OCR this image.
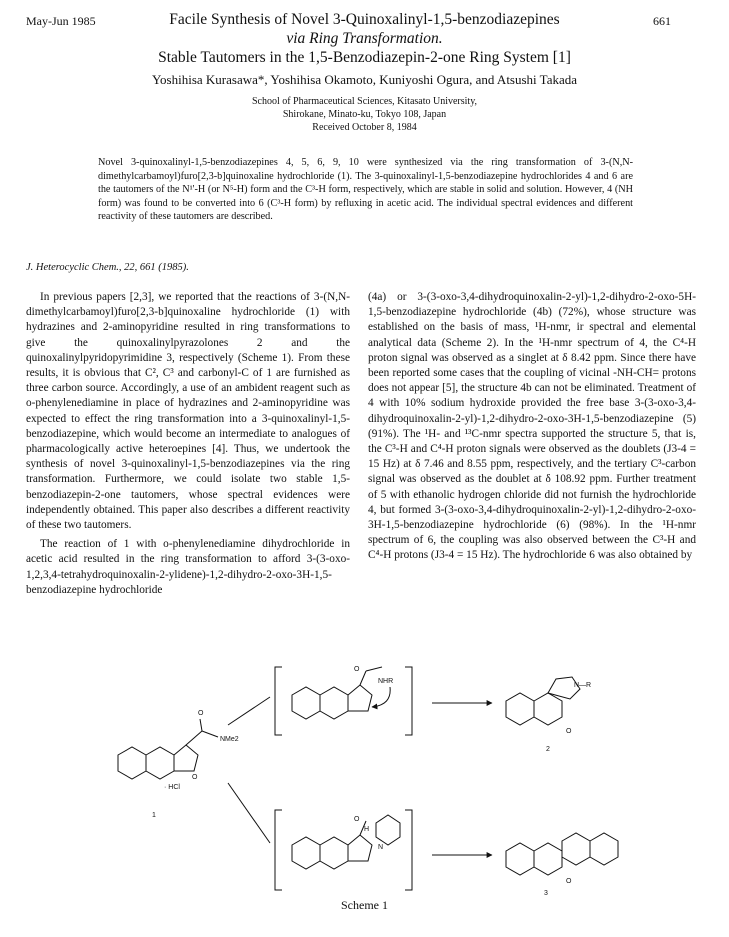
May-Jun 1985	661
Facile Synthesis of Novel 3-Quinoxalinyl-1,5-benzodiazepines
via Ring Transformation.
Stable Tautomers in the 1,5-Benzodiazepin-2-one Ring System [1]
Yoshihisa Kurasawa*, Yoshihisa Okamoto, Kuniyoshi Ogura, and Atsushi Takada
School of Pharmaceutical Sciences, Kitasato University,
Shirokane, Minato-ku, Tokyo 108, Japan
Received October 8, 1984
Novel 3-quinoxalinyl-1,5-benzodiazepines 4, 5, 6, 9, 10 were synthesized via the ring transformation of 3-(N,N-dimethylcarbamoyl)furo[2,3-b]quinoxaline hydrochloride (1). The 3-quinoxalinyl-1,5-benzodiazepine hydrochlorides 4 and 6 are the tautomers of the N¹'-H (or N⁵-H) form and the C³-H form, respectively, which are stable in solid and solution. However, 4 (NH form) was found to be converted into 6 (C³-H form) by refluxing in acetic acid. The individual spectral evidences and different reactivity of these tautomers are described.
J. Heterocyclic Chem., 22, 661 (1985).

In previous papers [2,3], we reported that the reactions of 3-(N,N-dimethylcarbamoyl)furo[2,3-b]quinoxaline hydrochloride (1) with hydrazines and 2-aminopyridine resulted in ring transformations to give the quinoxalinylpyrazolones 2 and the quinoxalinylpyridopyrimidine 3, respectively (Scheme 1). From these results, it is obvious that C², C³ and carbonyl-C of 1 are furnished as three carbon source. Accordingly, a use of an ambident reagent such as o-phenylenediamine in place of hydrazines and 2-aminopyridine was expected to effect the ring transformation into a 3-quinoxalinyl-1,5-benzodiazepine, which would become an intermediate to analogues of pharmacologically active heteroepines [4]. Thus, we undertook the synthesis of novel 3-quinoxalinyl-1,5-benzodiazepines via the ring transformation. Furthermore, we could isolate two stable 1,5-benzodiazepin-2-one tautomers, whose spectral evidences were independently obtained. This paper also describes a different reactivity of these two tautomers.

The reaction of 1 with o-phenylenediamine dihydrochloride in acetic acid resulted in the ring transformation to afford 3-(3-oxo-1,2,3,4-tetrahydroquinoxalin-2-ylidene)-1,2-dihydro-2-oxo-3H-1,5-benzodiazepine hydrochloride

(4a) or 3-(3-oxo-3,4-dihydroquinoxalin-2-yl)-1,2-dihydro-2-oxo-5H-1,5-benzodiazepine hydrochloride (4b) (72%), whose structure was established on the basis of mass, ¹H-nmr, ir spectral and elemental analytical data (Scheme 2). In the ¹H-nmr spectrum of 4, the C⁴-H proton signal was observed as a singlet at δ 8.42 ppm. Since there have been reported some cases that the coupling of vicinal -NH-CH= protons does not appear [5], the structure 4b can not be eliminated. Treatment of 4 with 10% sodium hydroxide provided the free base 3-(3-oxo-3,4-dihydroquinoxalin-2-yl)-1,2-dihydro-2-oxo-3H-1,5-benzodiazepine (5) (91%). The ¹H- and ¹³C-nmr spectra supported the structure 5, that is, the C³-H and C⁴-H proton signals were observed as the doublets (J3-4 = 15 Hz) at δ 7.46 and 8.55 ppm, respectively, and the tertiary C³-carbon signal was observed as the doublet at δ 108.92 ppm. Further treatment of 5 with ethanolic hydrogen chloride did not furnish the hydrochloride 4, but formed 3-(3-oxo-3,4-dihydroquinoxalin-2-yl)-1,2-dihydro-2-oxo-3H-1,5-benzodiazepine hydrochloride (6) (98%). In the ¹H-nmr spectrum of 6, the coupling was also observed between the C³-H and C⁴-H protons (J3-4 = 15 Hz). The hydrochloride 6 was also obtained by

O
NMe2
O
· HCl
1
O
NHR
N—R
O
2
O
H
N
O
3
Scheme 1
